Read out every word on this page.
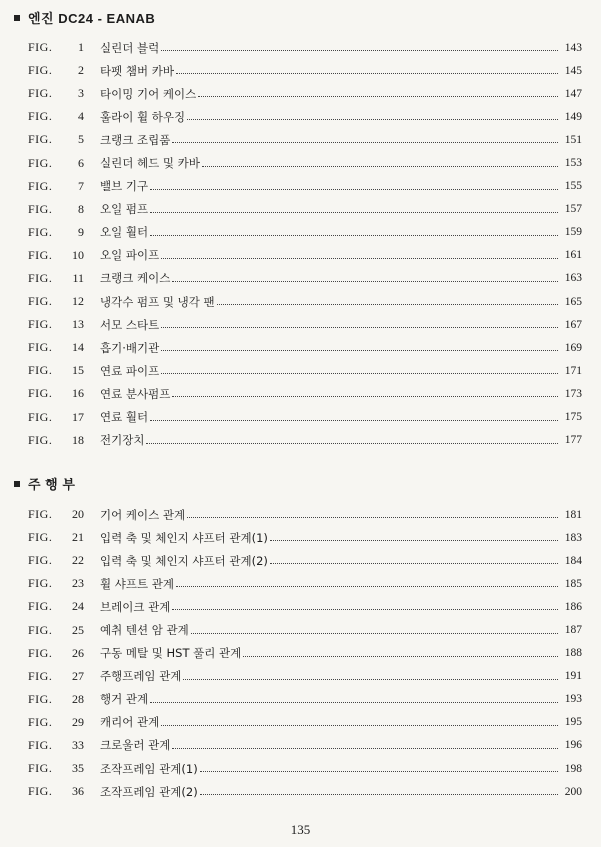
엔진 DC24 - EANAB
FIG.	1 실린더 블럭	143
FIG.	2 타펫 챔버 카바	145
FIG.	3 타이밍 기어 케이스	147
FIG.	4 훌라이 휠 하우징	149
FIG.	5 크랭크 조립품	151
FIG.	6 실린더 헤드 및 카바	153
FIG.	7 밸브 기구	155
FIG.	8 오일 펌프	157
FIG.	9 오일 훨터	159
FIG.	10 오일 파이프	161
FIG.	11 크랭크 케이스	163
FIG.	12 냉각수 펌프 및 냉각 팬	165
FIG.	13 서모 스타트	167
FIG.	14 흡기·배기관	169
FIG.	15 연료 파이프	171
FIG.	16 연료 분사펌프	173
FIG.	17 연료 훨터	175
FIG.	18 전기장치	177
주 행 부
FIG.	20 기어 케이스 관계	181
FIG.	21 입력 축 및 체인지 샤프터 관계(1)	183
FIG.	22 입력 축 및 체인지 샤프터 관계(2)	184
FIG.	23 휠 샤프트 관계	185
FIG.	24 브레이크 관계	186
FIG.	25 예취 텐션 암 관계	187
FIG.	26 구동 메탈 및 HST 풀리 관계	188
FIG.	27 주행프레임 관계	191
FIG.	28 행거 관계	193
FIG.	29 캐리어 관계	195
FIG.	33 크로울러 관계	196
FIG.	35 조작프레임 관계(1)	198
FIG.	36 조작프레임 관계(2)	200
135
